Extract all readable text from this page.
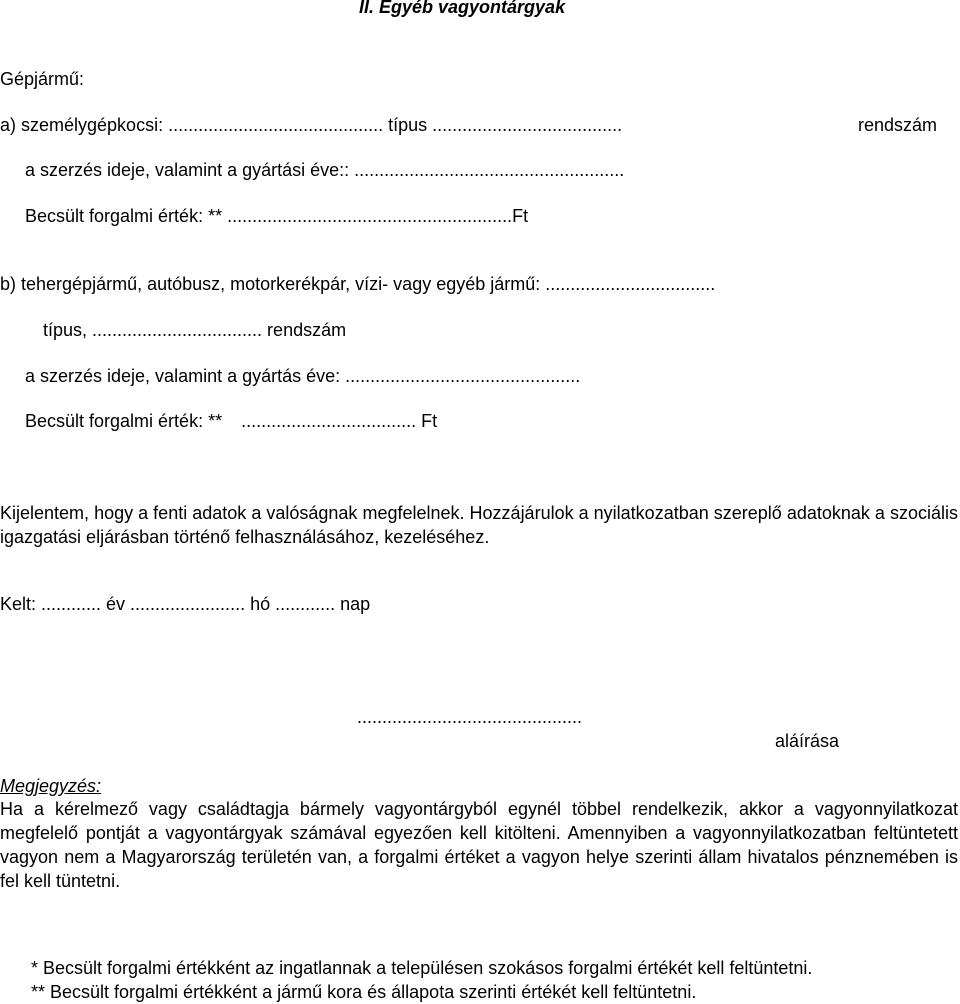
II. Egyéb vagyontárgyak
Gépjármű:
a) személygépkocsi: ........................................... típus ......................................	rendszám
a szerzés ideje, valamint a gyártási éve:: ......................................................
Becsült forgalmi érték: ** .........................................................Ft
b) tehergépjármű, autóbusz, motorkerékpár, vízi- vagy egyéb jármű: ..................................
típus, .................................. rendszám
a szerzés ideje, valamint a gyártás éve: ...............................................
Becsült forgalmi érték: ** ................................... Ft
Kijelentem, hogy a fenti adatok a valóságnak megfelelnek. Hozzájárulok a nyilatkozatban szereplő adatoknak a szociális igazgatási eljárásban történő felhasználásához, kezeléséhez.
Kelt: ............ év ....................... hó ............ nap
.............................................
aláírása
Megjegyzés:
Ha a kérelmező vagy családtagja bármely vagyontárgyból egynél többel rendelkezik, akkor a vagyonnyilatkozat megfelelő pontját a vagyontárgyak számával egyezően kell kitölteni. Amennyiben a vagyonnyilatkozatban feltüntetett vagyon nem a Magyarország területén van, a forgalmi értéket a vagyon helye szerinti állam hivatalos pénznemében is fel kell tüntetni.
* Becsült forgalmi értékként az ingatlannak a településen szokásos forgalmi értékét kell feltüntetni.
** Becsült forgalmi értékként a jármű kora és állapota szerinti értékét kell feltüntetni.
